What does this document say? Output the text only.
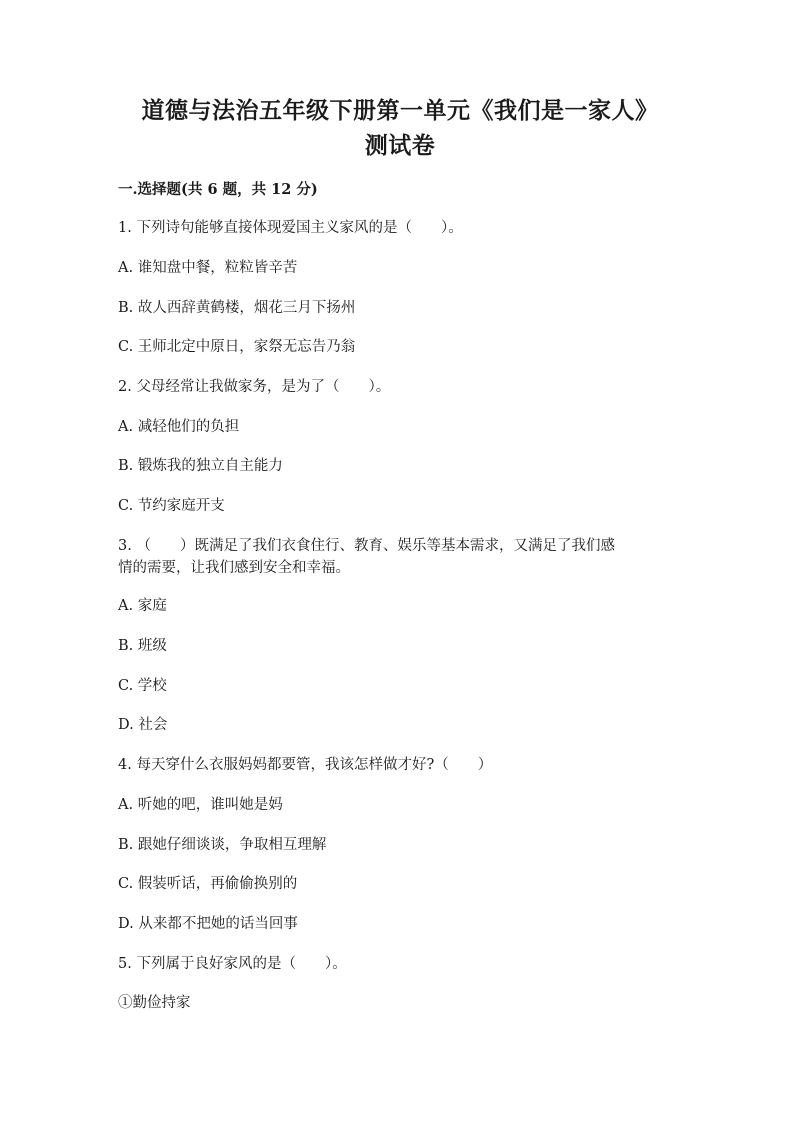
道德与法治五年级下册第一单元《我们是一家人》
测试卷
一.选择题(共 6 题，共 12 分)
1. 下列诗句能够直接体现爱国主义家风的是（　　）。
A. 谁知盘中餐，粒粒皆辛苦
B. 故人西辞黄鹤楼，烟花三月下扬州
C. 王师北定中原日，家祭无忘告乃翁
2. 父母经常让我做家务，是为了（　　）。
A. 减轻他们的负担
B. 锻炼我的独立自主能力
C. 节约家庭开支
3. （　　）既满足了我们衣食住行、教育、娱乐等基本需求，又满足了我们感
情的需要，让我们感到安全和幸福。
A. 家庭
B. 班级
C. 学校
D. 社会
4. 每天穿什么衣服妈妈都要管，我该怎样做才好?（　　）
A. 听她的吧，谁叫她是妈
B. 跟她仔细谈谈，争取相互理解
C. 假装听话，再偷偷换别的
D. 从来都不把她的话当回事
5. 下列属于良好家风的是（　　）。
①勤俭持家
